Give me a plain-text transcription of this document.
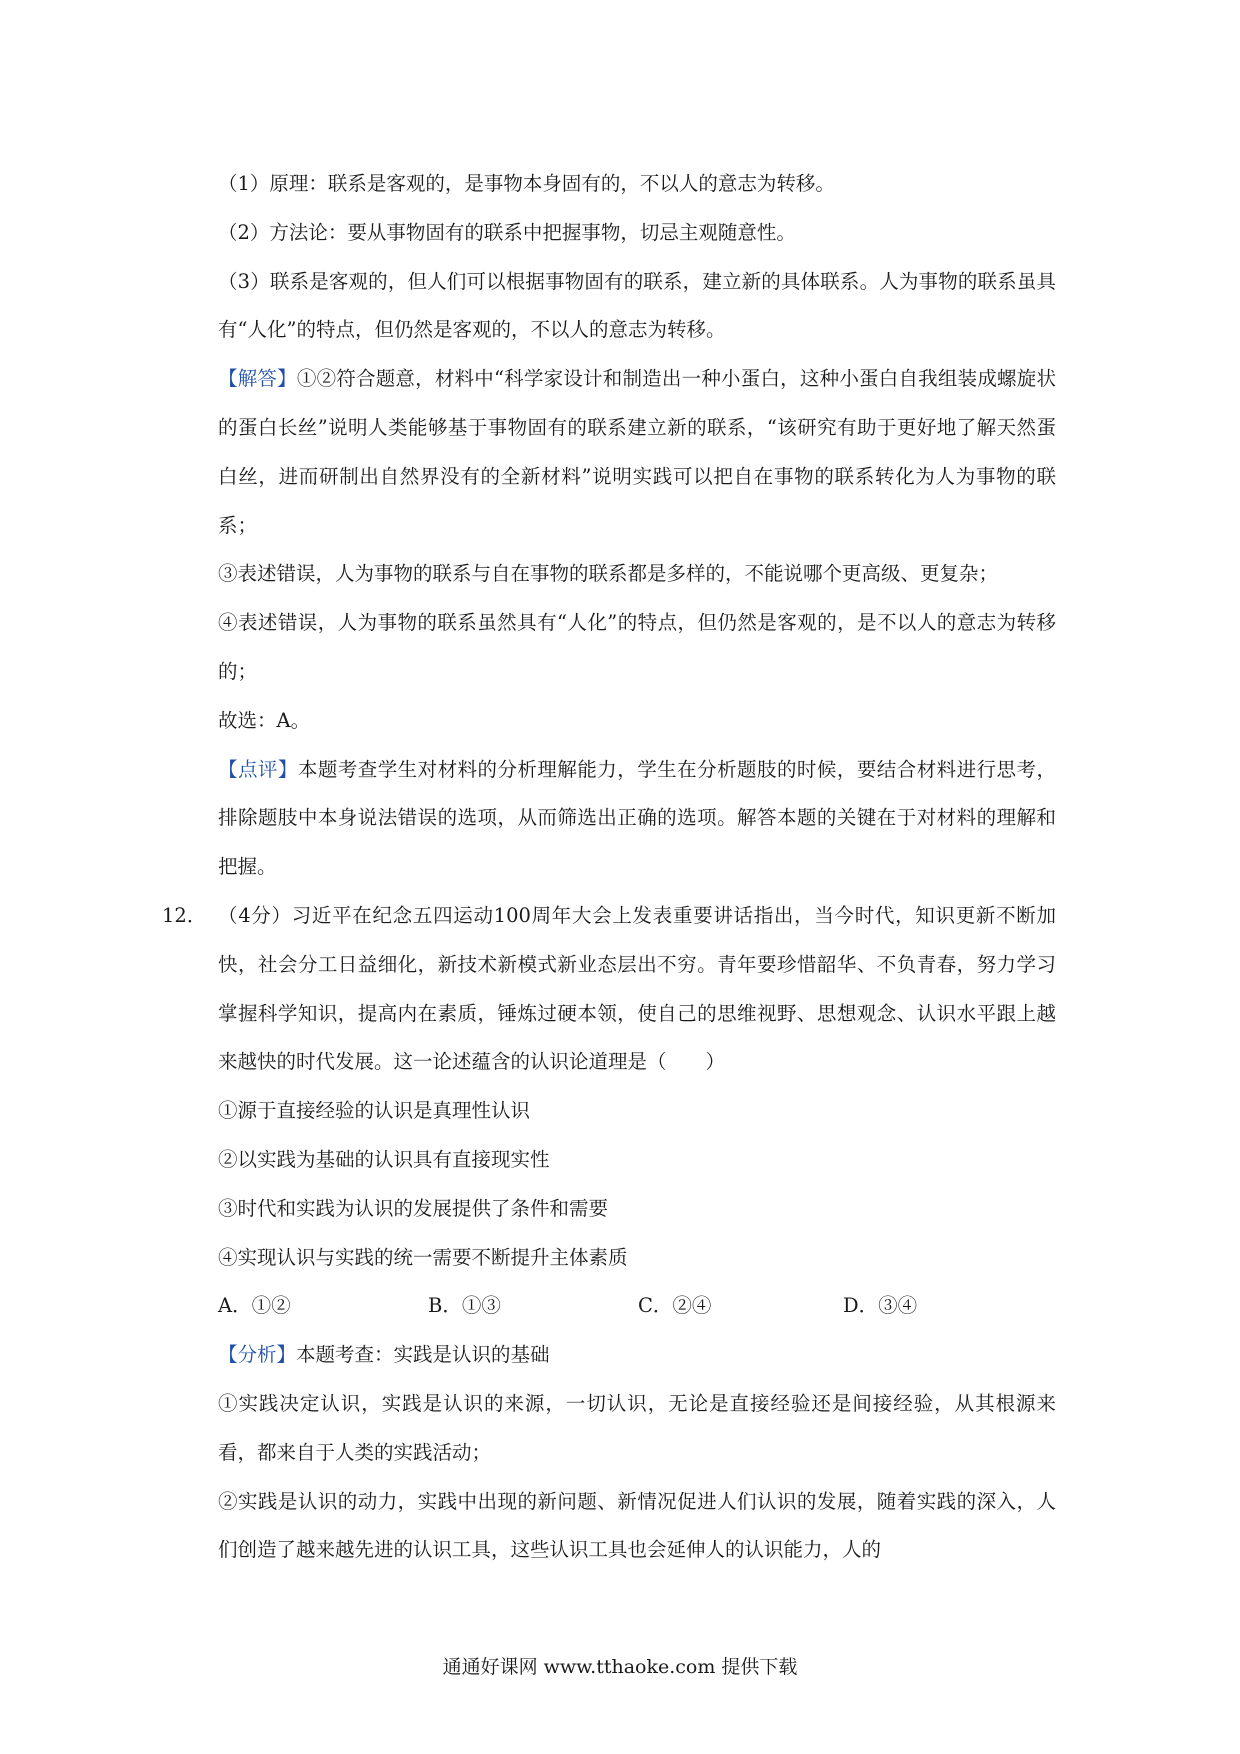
（1）原理：联系是客观的，是事物本身固有的，不以人的意志为转移。

（2）方法论：要从事物固有的联系中把握事物，切忌主观随意性。

（3）联系是客观的，但人们可以根据事物固有的联系，建立新的具体联系。人为事物的联系虽具有“人化”的特点，但仍然是客观的，不以人的意志为转移。

【解答】①②符合题意，材料中“科学家设计和制造出一种小蛋白，这种小蛋白自我组装成螺旋状的蛋白长丝”说明人类能够基于事物固有的联系建立新的联系，“该研究有助于更好地了解天然蛋白丝，进而研制出自然界没有的全新材料”说明实践可以把自在事物的联系转化为人为事物的联系；

③表述错误，人为事物的联系与自在事物的联系都是多样的，不能说哪个更高级、更复杂；

④表述错误，人为事物的联系虽然具有“人化”的特点，但仍然是客观的，是不以人的意志为转移的；

故选：A。

【点评】本题考查学生对材料的分析理解能力，学生在分析题肢的时候，要结合材料进行思考，排除题肢中本身说法错误的选项，从而筛选出正确的选项。解答本题的关键在于对材料的理解和把握。

12． （4分）习近平在纪念五四运动100周年大会上发表重要讲话指出，当今时代，知识更新不断加快，社会分工日益细化，新技术新模式新业态层出不穷。青年要珍惜韶华、不负青春，努力学习掌握科学知识，提高内在素质，锤炼过硬本领，使自己的思维视野、思想观念、认识水平跟上越来越快的时代发展。这一论述蕴含的认识论道理是（　　）

①源于直接经验的认识是真理性认识

②以实践为基础的认识具有直接现实性

③时代和实践为认识的发展提供了条件和需要

④实现认识与实践的统一需要不断提升主体素质

A．①②	B．①③	C．②④	D．③④

【分析】本题考查：实践是认识的基础

①实践决定认识，实践是认识的来源，一切认识，无论是直接经验还是间接经验，从其根源来看，都来自于人类的实践活动；

②实践是认识的动力，实践中出现的新问题、新情况促进人们认识的发展，随着实践的深入，人们创造了越来越先进的认识工具，这些认识工具也会延伸人的认识能力，人的

通通好课网 www.tthaoke.com 提供下载
